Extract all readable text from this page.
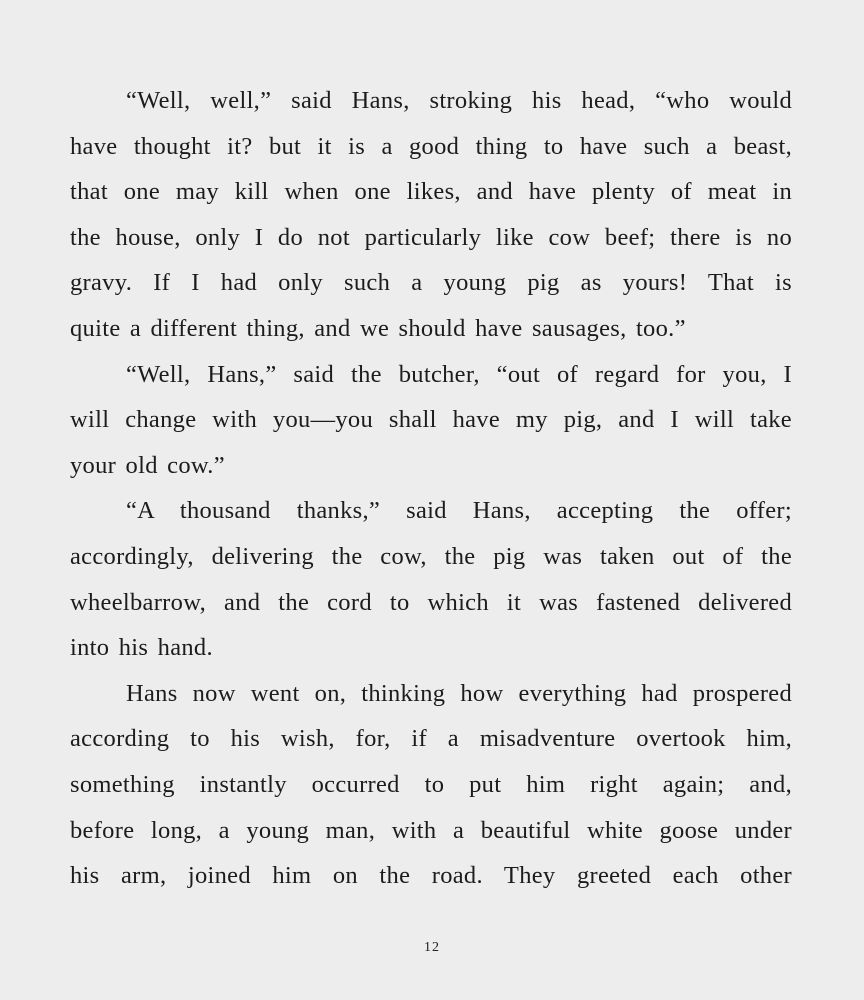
“Well, well,” said Hans, stroking his head, “who would
have thought it? but it is a good thing to have such a beast,
that one may kill when one likes, and have plenty of meat in
the house, only I do not particularly like cow beef; there is no
gravy. If I had only such a young pig as yours! That is
quite a different thing, and we should have sausages, too.”
“Well, Hans,” said the butcher, “out of regard for you, I
will change with you—you shall have my pig, and I will take
your old cow.”
“A thousand thanks,” said Hans, accepting the offer;
accordingly, delivering the cow, the pig was taken out of the
wheelbarrow, and the cord to which it was fastened delivered
into his hand.
Hans now went on, thinking how everything had prospered
according to his wish, for, if a misadventure overtook him,
something instantly occurred to put him right again; and,
before long, a young man, with a beautiful white goose under
his arm, joined him on the road. They greeted each other
12
